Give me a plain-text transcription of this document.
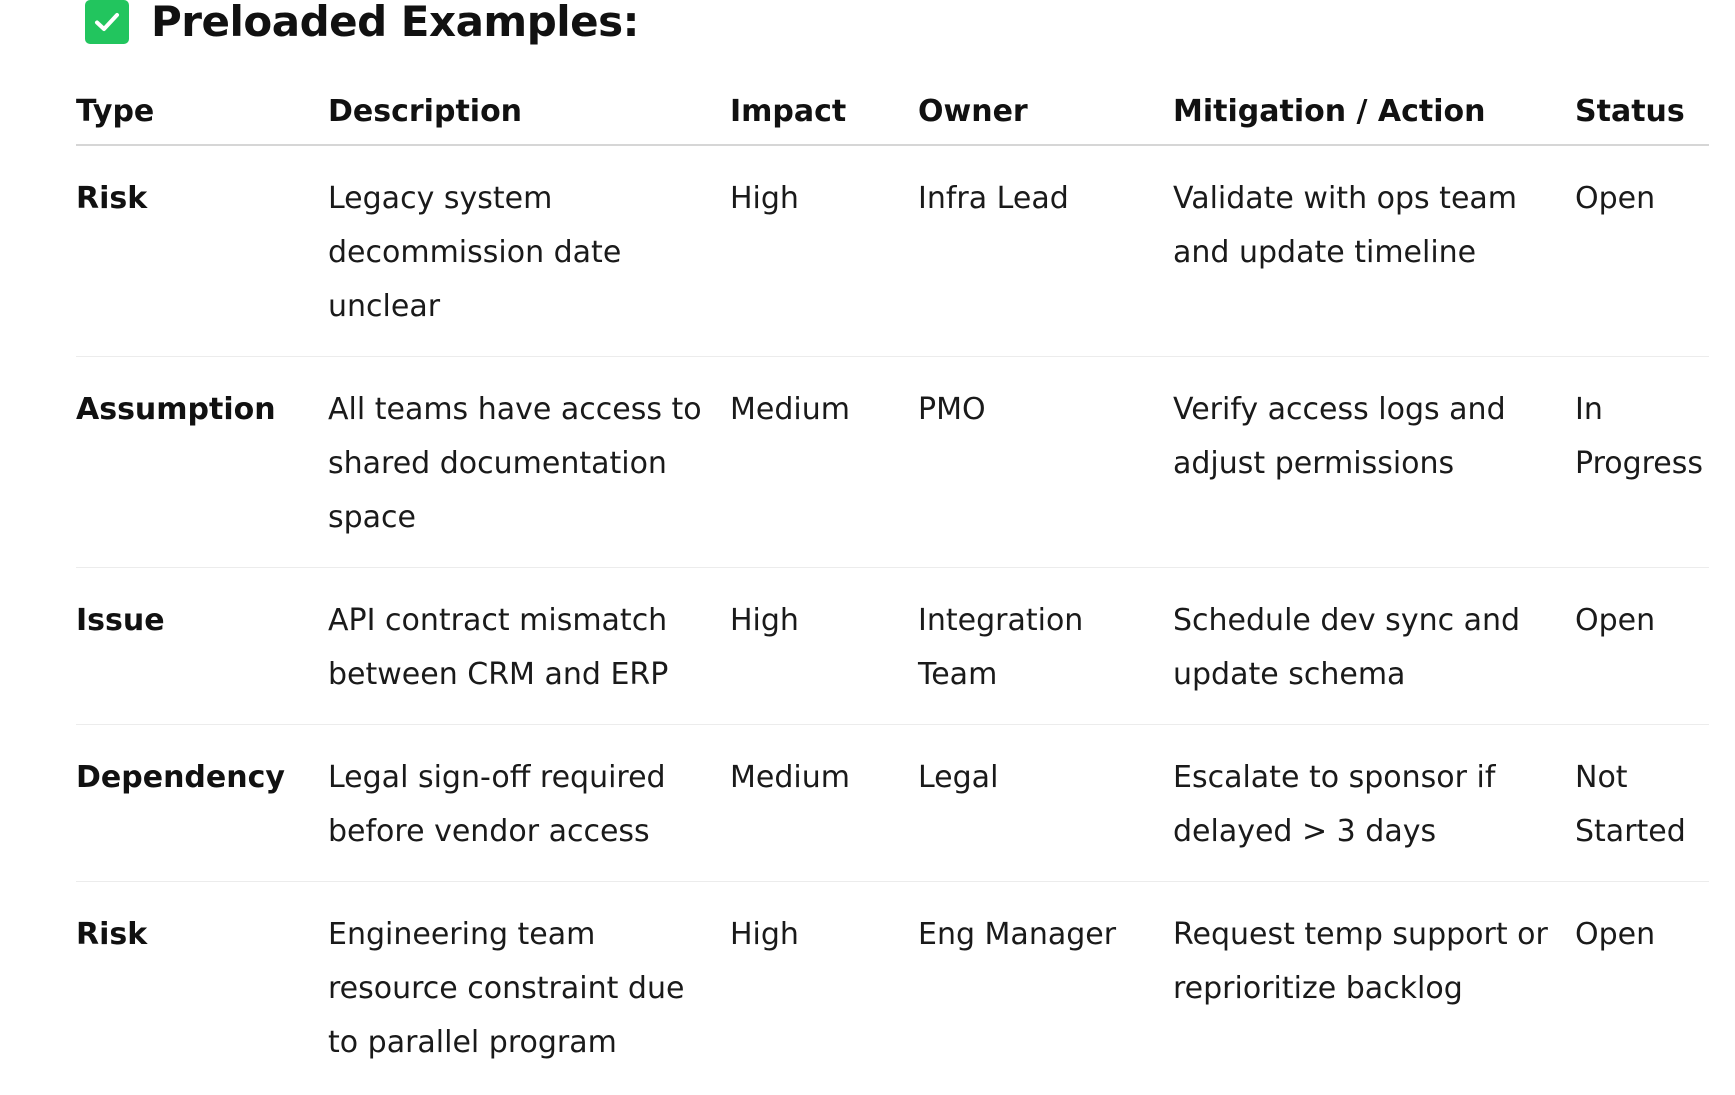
Preloaded Examples:
Type	Description	Impact	Owner	Mitigation / Action	Status
Risk	Legacy system decommission date unclear	High	Infra Lead	Validate with ops team and update timeline	Open
Assumption	All teams have access to shared documentation space	Medium	PMO	Verify access logs and adjust permissions	In Progress
Issue	API contract mismatch between CRM and ERP	High	Integration Team	Schedule dev sync and update schema	Open
Dependency	Legal sign-off required before vendor access	Medium	Legal	Escalate to sponsor if delayed > 3 days	Not Started
Risk	Engineering team resource constraint due to parallel program	High	Eng Manager	Request temp support or reprioritize backlog	Open
